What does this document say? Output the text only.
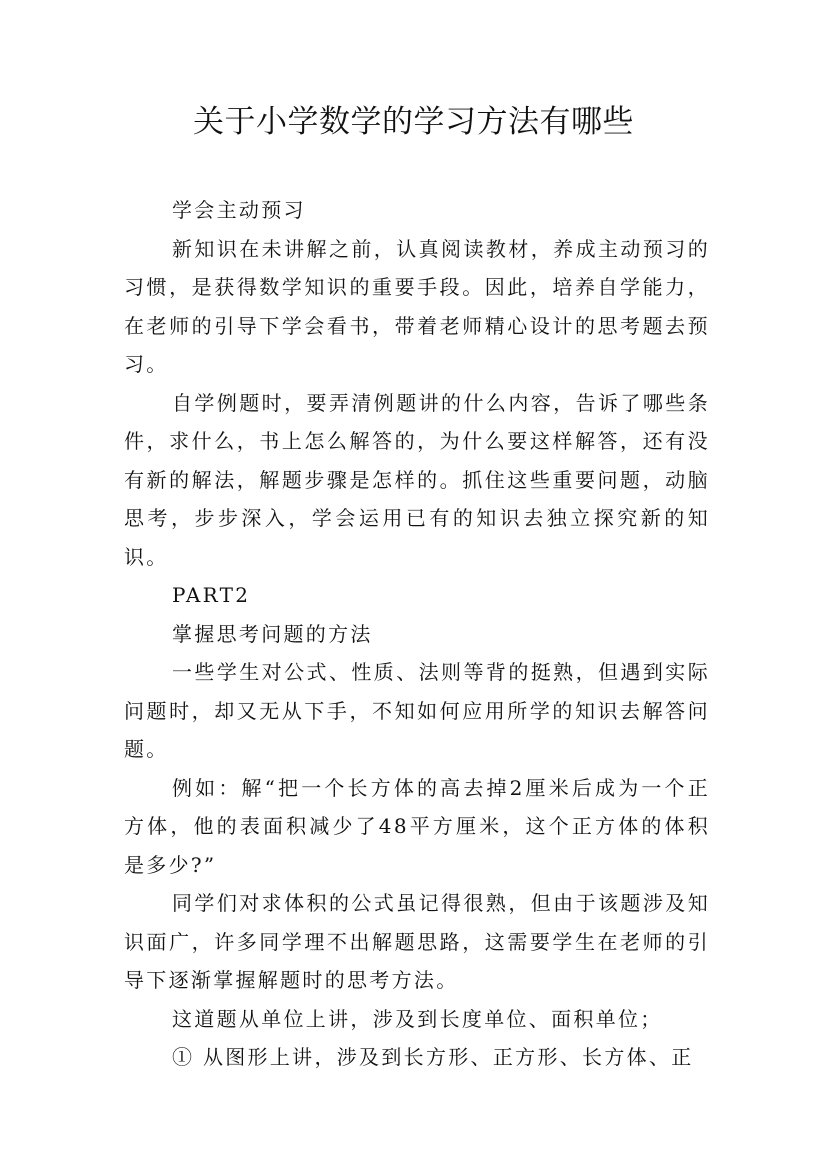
关于小学数学的学习方法有哪些

学会主动预习

新知识在未讲解之前，认真阅读教材，养成主动预习的习惯，是获得数学知识的重要手段。因此，培养自学能力，在老师的引导下学会看书，带着老师精心设计的思考题去预习。

自学例题时，要弄清例题讲的什么内容，告诉了哪些条件，求什么，书上怎么解答的，为什么要这样解答，还有没有新的解法，解题步骤是怎样的。抓住这些重要问题，动脑思考，步步深入，学会运用已有的知识去独立探究新的知识。

PART2

掌握思考问题的方法

一些学生对公式、性质、法则等背的挺熟，但遇到实际问题时，却又无从下手，不知如何应用所学的知识去解答问题。

例如：解“把一个长方体的高去掉2厘米后成为一个正方体，他的表面积减少了48平方厘米，这个正方体的体积是多少?”

同学们对求体积的公式虽记得很熟，但由于该题涉及知识面广，许多同学理不出解题思路，这需要学生在老师的引导下逐渐掌握解题时的思考方法。

这道题从单位上讲，涉及到长度单位、面积单位；

① 从图形上讲，涉及到长方形、正方形、长方体、正
